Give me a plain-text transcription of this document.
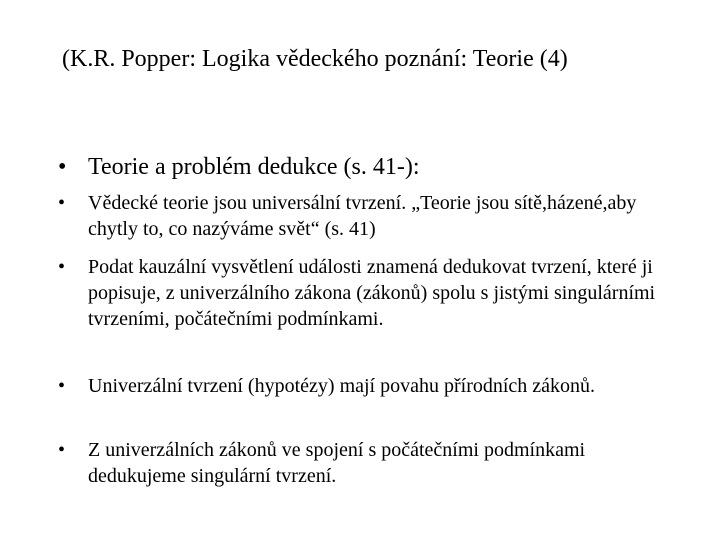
(K.R. Popper: Logika vědeckého poznání: Teorie (4)
• Teorie a problém dedukce (s. 41-):
• Vědecké teorie jsou universální tvrzení. „Teorie jsou sítě,házené,aby chytly to, co nazýváme svět“ (s. 41)
• Podat kauzální vysvětlení události znamená dedukovat tvrzení, které ji popisuje, z univerzálního zákona (zákonů) spolu s jistými singulárními tvrzeními, počátečními podmínkami.
• Univerzální tvrzení (hypotézy) mají povahu přírodních zákonů.
• Z univerzálních zákonů ve spojení s počátečními podmínkami dedukujeme singulární tvrzení.
